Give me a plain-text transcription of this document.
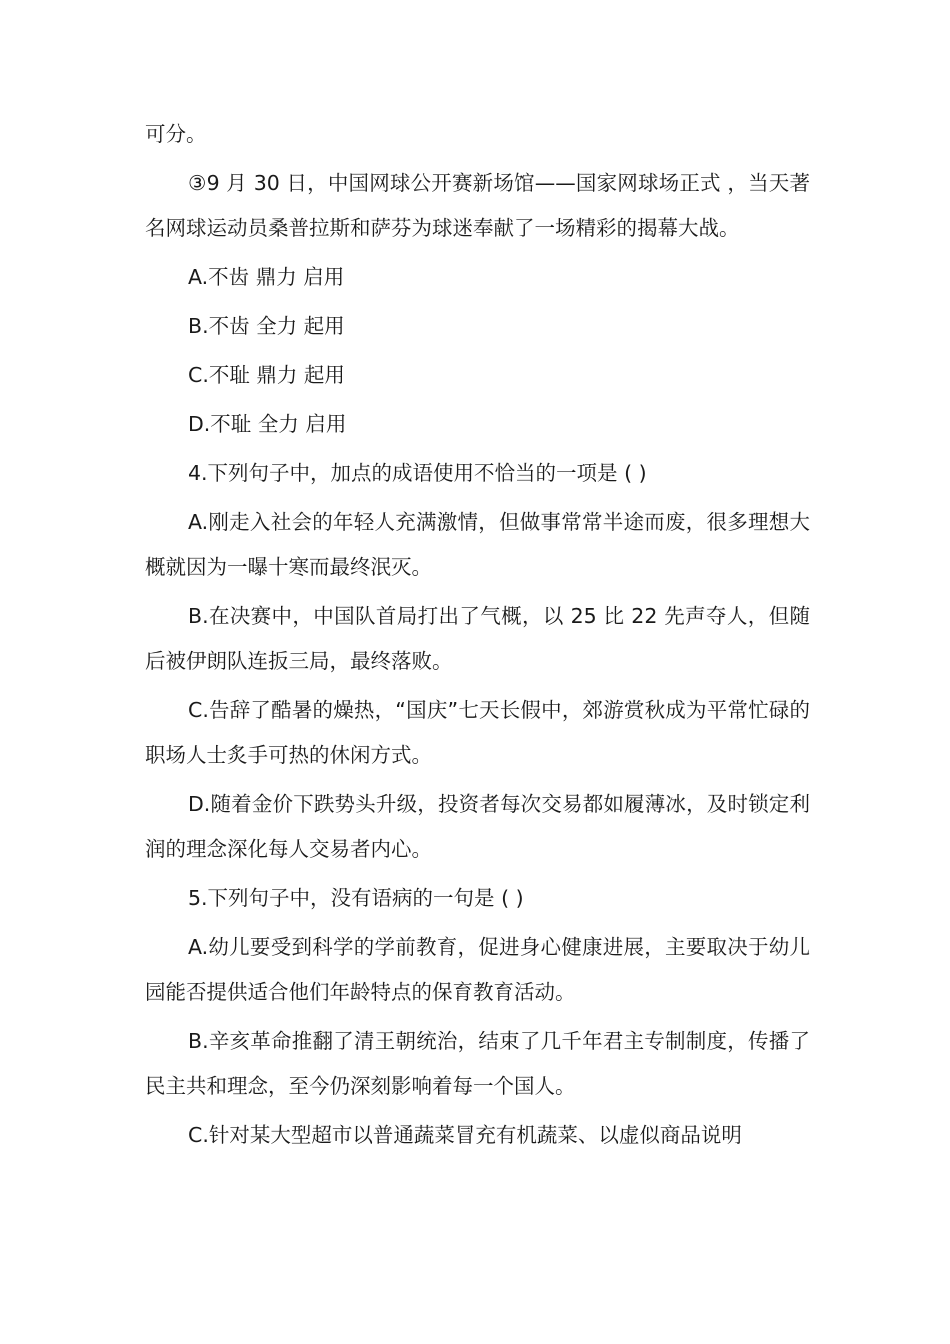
可分。

③9 月 30 日，中国网球公开赛新场馆——国家网球场正式 ，当天著名网球运动员桑普拉斯和萨芬为球迷奉献了一场精彩的揭幕大战。

A.不齿 鼎力 启用

B.不齿 全力 起用

C.不耻 鼎力 起用

D.不耻 全力 启用

4.下列句子中，加点的成语使用不恰当的一项是 ( )

A.刚走入社会的年轻人充满激情，但做事常常半途而废，很多理想大概就因为一曝十寒而最终泯灭。

B.在决赛中，中国队首局打出了气概，以 25 比 22 先声夺人，但随后被伊朗队连扳三局，最终落败。

C.告辞了酷暑的燥热，“国庆”七天长假中，郊游赏秋成为平常忙碌的职场人士炙手可热的休闲方式。

D.随着金价下跌势头升级，投资者每次交易都如履薄冰，及时锁定利润的理念深化每人交易者内心。

5.下列句子中，没有语病的一句是 ( )

A.幼儿要受到科学的学前教育，促进身心健康进展，主要取决于幼儿园能否提供适合他们年龄特点的保育教育活动。

B.辛亥革命推翻了清王朝统治，结束了几千年君主专制制度，传播了民主共和理念，至今仍深刻影响着每一个国人。

C.针对某大型超市以普通蔬菜冒充有机蔬菜、以虚似商品说明
